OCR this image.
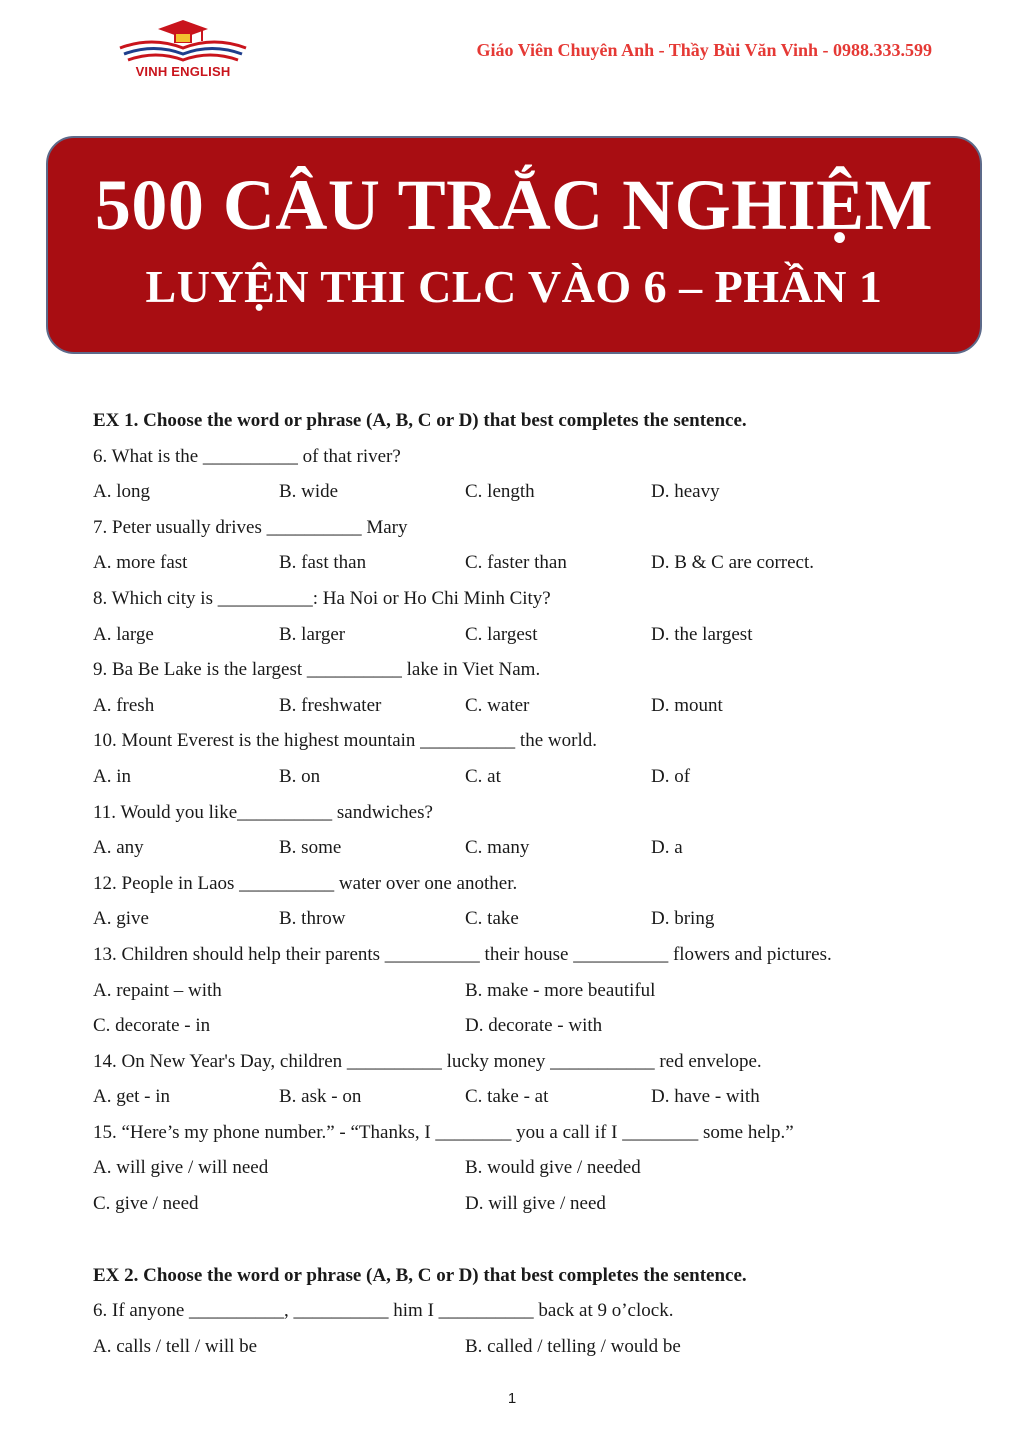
VINH ENGLISH
Giáo Viên Chuyên Anh - Thầy Bùi Văn Vinh - 0988.333.599
500 CÂU TRẮC NGHIỆM
LUYỆN THI CLC VÀO 6 – PHẦN 1
EX 1. Choose the word or phrase (A, B, C or D) that best completes the sentence.
6. What is the __________ of that river?
A. long	B. wide	C. length	D. heavy
7. Peter usually drives __________ Mary
A. more fast	B. fast than	C. faster than	D. B & C are correct.
8. Which city is __________: Ha Noi or Ho Chi Minh City?
A. large	B. larger	C. largest	D. the largest
9. Ba Be Lake is the largest __________ lake in Viet Nam.
A. fresh	B. freshwater	C. water	D. mount
10. Mount Everest is the highest mountain __________ the world.
A. in	B. on	C. at	D. of
11. Would you like__________ sandwiches?
A. any	B. some	C. many	D. a
12. People in Laos __________ water over one another.
A. give	B. throw	C. take	D. bring
13. Children should help their parents __________ their house __________ flowers and pictures.
A. repaint – with	B. make - more beautiful
C. decorate - in	D. decorate - with
14. On New Year's Day, children __________ lucky money ___________ red envelope.
A. get - in	B. ask - on	C. take - at	D. have - with
15. “Here’s my phone number.” - “Thanks, I ________ you a call if I ________ some help.”
A. will give / will need	B. would give / needed
C. give / need	D. will give / need
EX 2. Choose the word or phrase (A, B, C or D) that best completes the sentence.
6. If anyone __________, __________ him I __________ back at 9 o’clock.
A. calls / tell / will be	B. called / telling / would be
1
